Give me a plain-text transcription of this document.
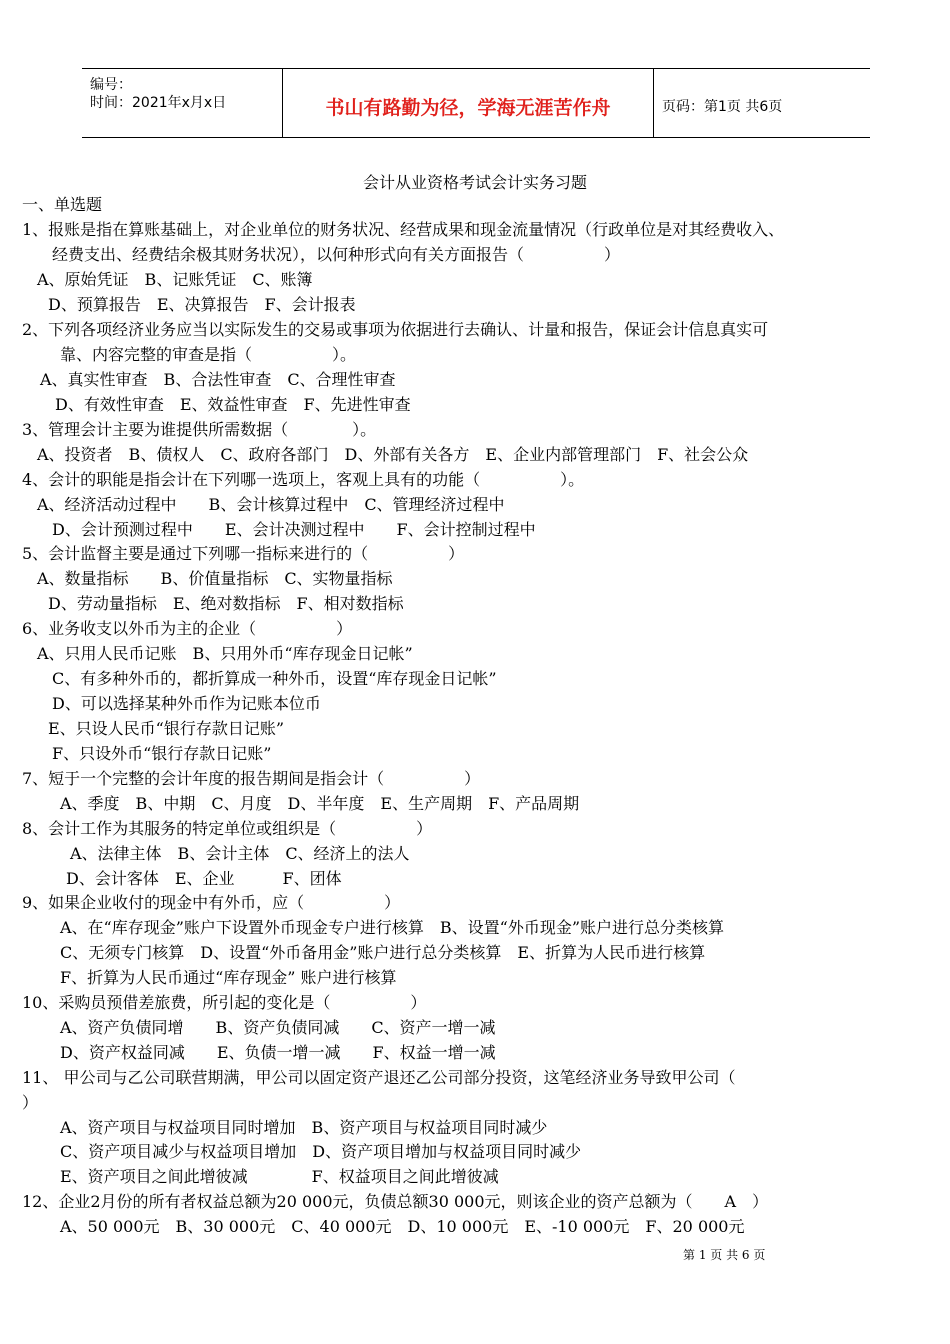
编号：
时间：2021年x月x日	书山有路勤为径，学海无涯苦作舟	页码：第1页 共6页
会计从业资格考试会计实务习题
一、单选题
1、报账是指在算账基础上，对企业单位的财务状况、经营成果和现金流量情况（行政单位是对其经费收入、
经费支出、经费结余极其财务状况），以何种形式向有关方面报告（　　　　　）
A、原始凭证　B、记账凭证　C、账簿
D、预算报告　E、决算报告　F、会计报表
2、下列各项经济业务应当以实际发生的交易或事项为依据进行去确认、计量和报告，保证会计信息真实可
靠、内容完整的审查是指（　　　　　）。
A、真实性审查　B、合法性审查　C、合理性审查
D、有效性审查　E、效益性审查　F、先进性审查
3、管理会计主要为谁提供所需数据（　　　　）。
A、投资者　B、债权人　C、政府各部门　D、外部有关各方　E、企业内部管理部门　F、社会公众
4、会计的职能是指会计在下列哪一选项上，客观上具有的功能（　　　　　）。
A、经济活动过程中　　B、会计核算过程中　C、管理经济过程中
D、会计预测过程中　　E、会计决测过程中　　F、会计控制过程中
5、会计监督主要是通过下列哪一指标来进行的（　　　　　）
A、数量指标　　B、价值量指标　C、实物量指标
D、劳动量指标　E、绝对数指标　F、相对数指标
6、业务收支以外币为主的企业（　　　　　）
A、只用人民币记账　B、只用外币“库存现金日记帐”
C、有多种外币的，都折算成一种外币，设置“库存现金日记帐”
D、可以选择某种外币作为记账本位币
E、只设人民币“银行存款日记账”
F、只设外币“银行存款日记账”
7、短于一个完整的会计年度的报告期间是指会计（　　　　　）
A、季度　B、中期　C、月度　D、半年度　E、生产周期　F、产品周期
8、会计工作为其服务的特定单位或组织是（　　　　　）
A、法律主体　B、会计主体　C、经济上的法人
D、会计客体　E、企业　　　F、团体
9、如果企业收付的现金中有外币，应（　　　　　）
A、在“库存现金”账户下设置外币现金专户进行核算　B、设置“外币现金”账户进行总分类核算
C、无须专门核算　D、设置“外币备用金”账户进行总分类核算　E、折算为人民币进行核算
F、折算为人民币通过“库存现金” 账户进行核算
10、采购员预借差旅费，所引起的变化是（　　　　　）
A、资产负债同增　　B、资产负债同减　　C、资产一增一减
D、资产权益同减　　E、负债一增一减　　F、权益一增一减
11、 甲公司与乙公司联营期满，甲公司以固定资产退还乙公司部分投资，这笔经济业务导致甲公司（
）
A、资产项目与权益项目同时增加　B、资产项目与权益项目同时减少
C、资产项目减少与权益项目增加　D、资产项目增加与权益项目同时减少
E、资产项目之间此增彼减　　　　F、权益项目之间此增彼减
12、企业2月份的所有者权益总额为20 000元，负债总额30 000元，则该企业的资产总额为（　　A　）
A、50 000元　B、30 000元　C、40 000元　D、10 000元　E、-10 000元　F、20 000元
第 1 页 共 6 页
